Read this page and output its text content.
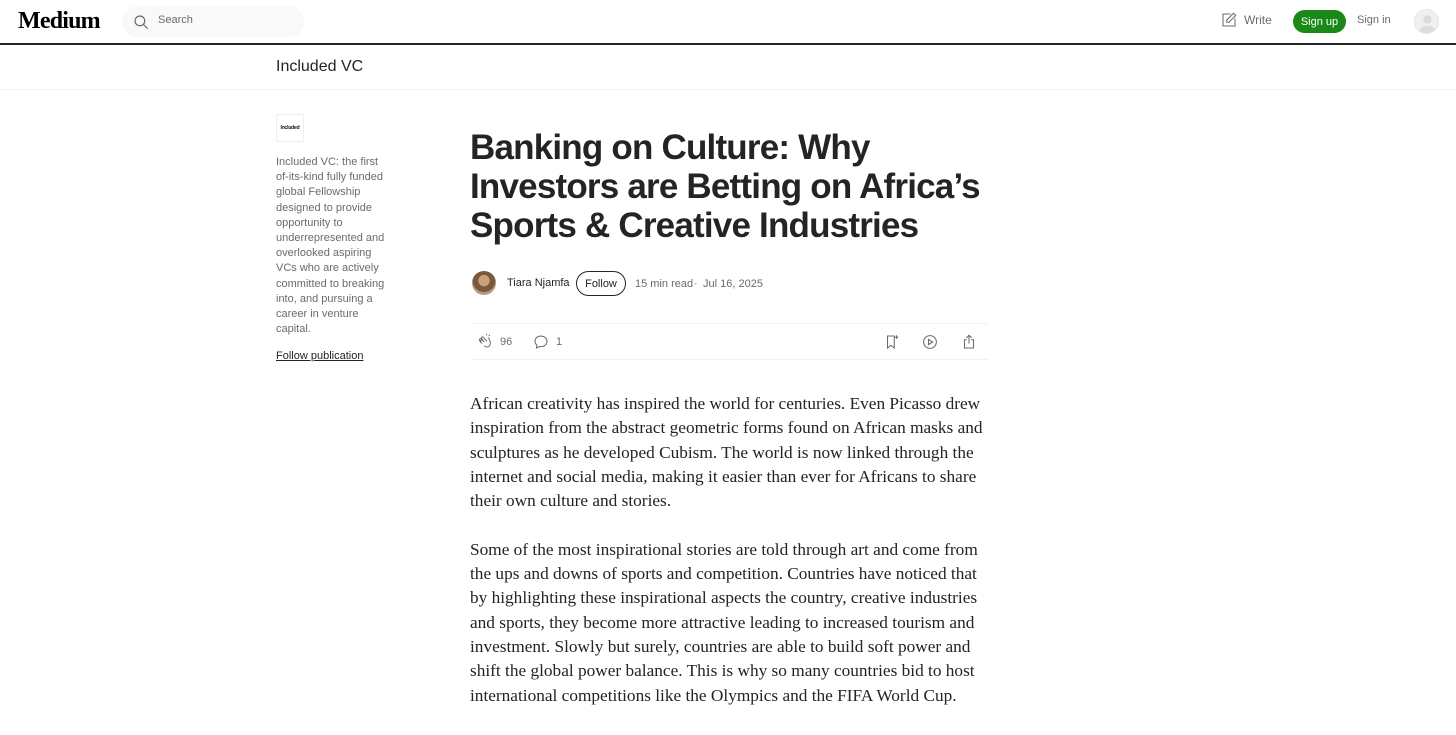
Medium	Search	Write	Sign up	Sign in
Included VC
Included
Included VC: the first of-its-kind fully funded global Fellowship designed to provide opportunity to underrepresented and overlooked aspiring VCs who are actively committed to breaking into, and pursuing a career in venture capital.
Follow publication
Banking on Culture: Why Investors are Betting on Africa’s Sports & Creative Industries
Tiara Njamfa	Follow	15 min read · Jul 16, 2025
96	1

African creativity has inspired the world for centuries. Even Picasso drew inspiration from the abstract geometric forms found on African masks and sculptures as he developed Cubism. The world is now linked through the internet and social media, making it easier than ever for Africans to share their own culture and stories.

Some of the most inspirational stories are told through art and come from the ups and downs of sports and competition. Countries have noticed that by highlighting these inspirational aspects the country, creative industries and sports, they become more attractive leading to increased tourism and investment. Slowly but surely, countries are able to build soft power and shift the global power balance. This is why so many countries bid to host international competitions like the Olympics and the FIFA World Cup.
